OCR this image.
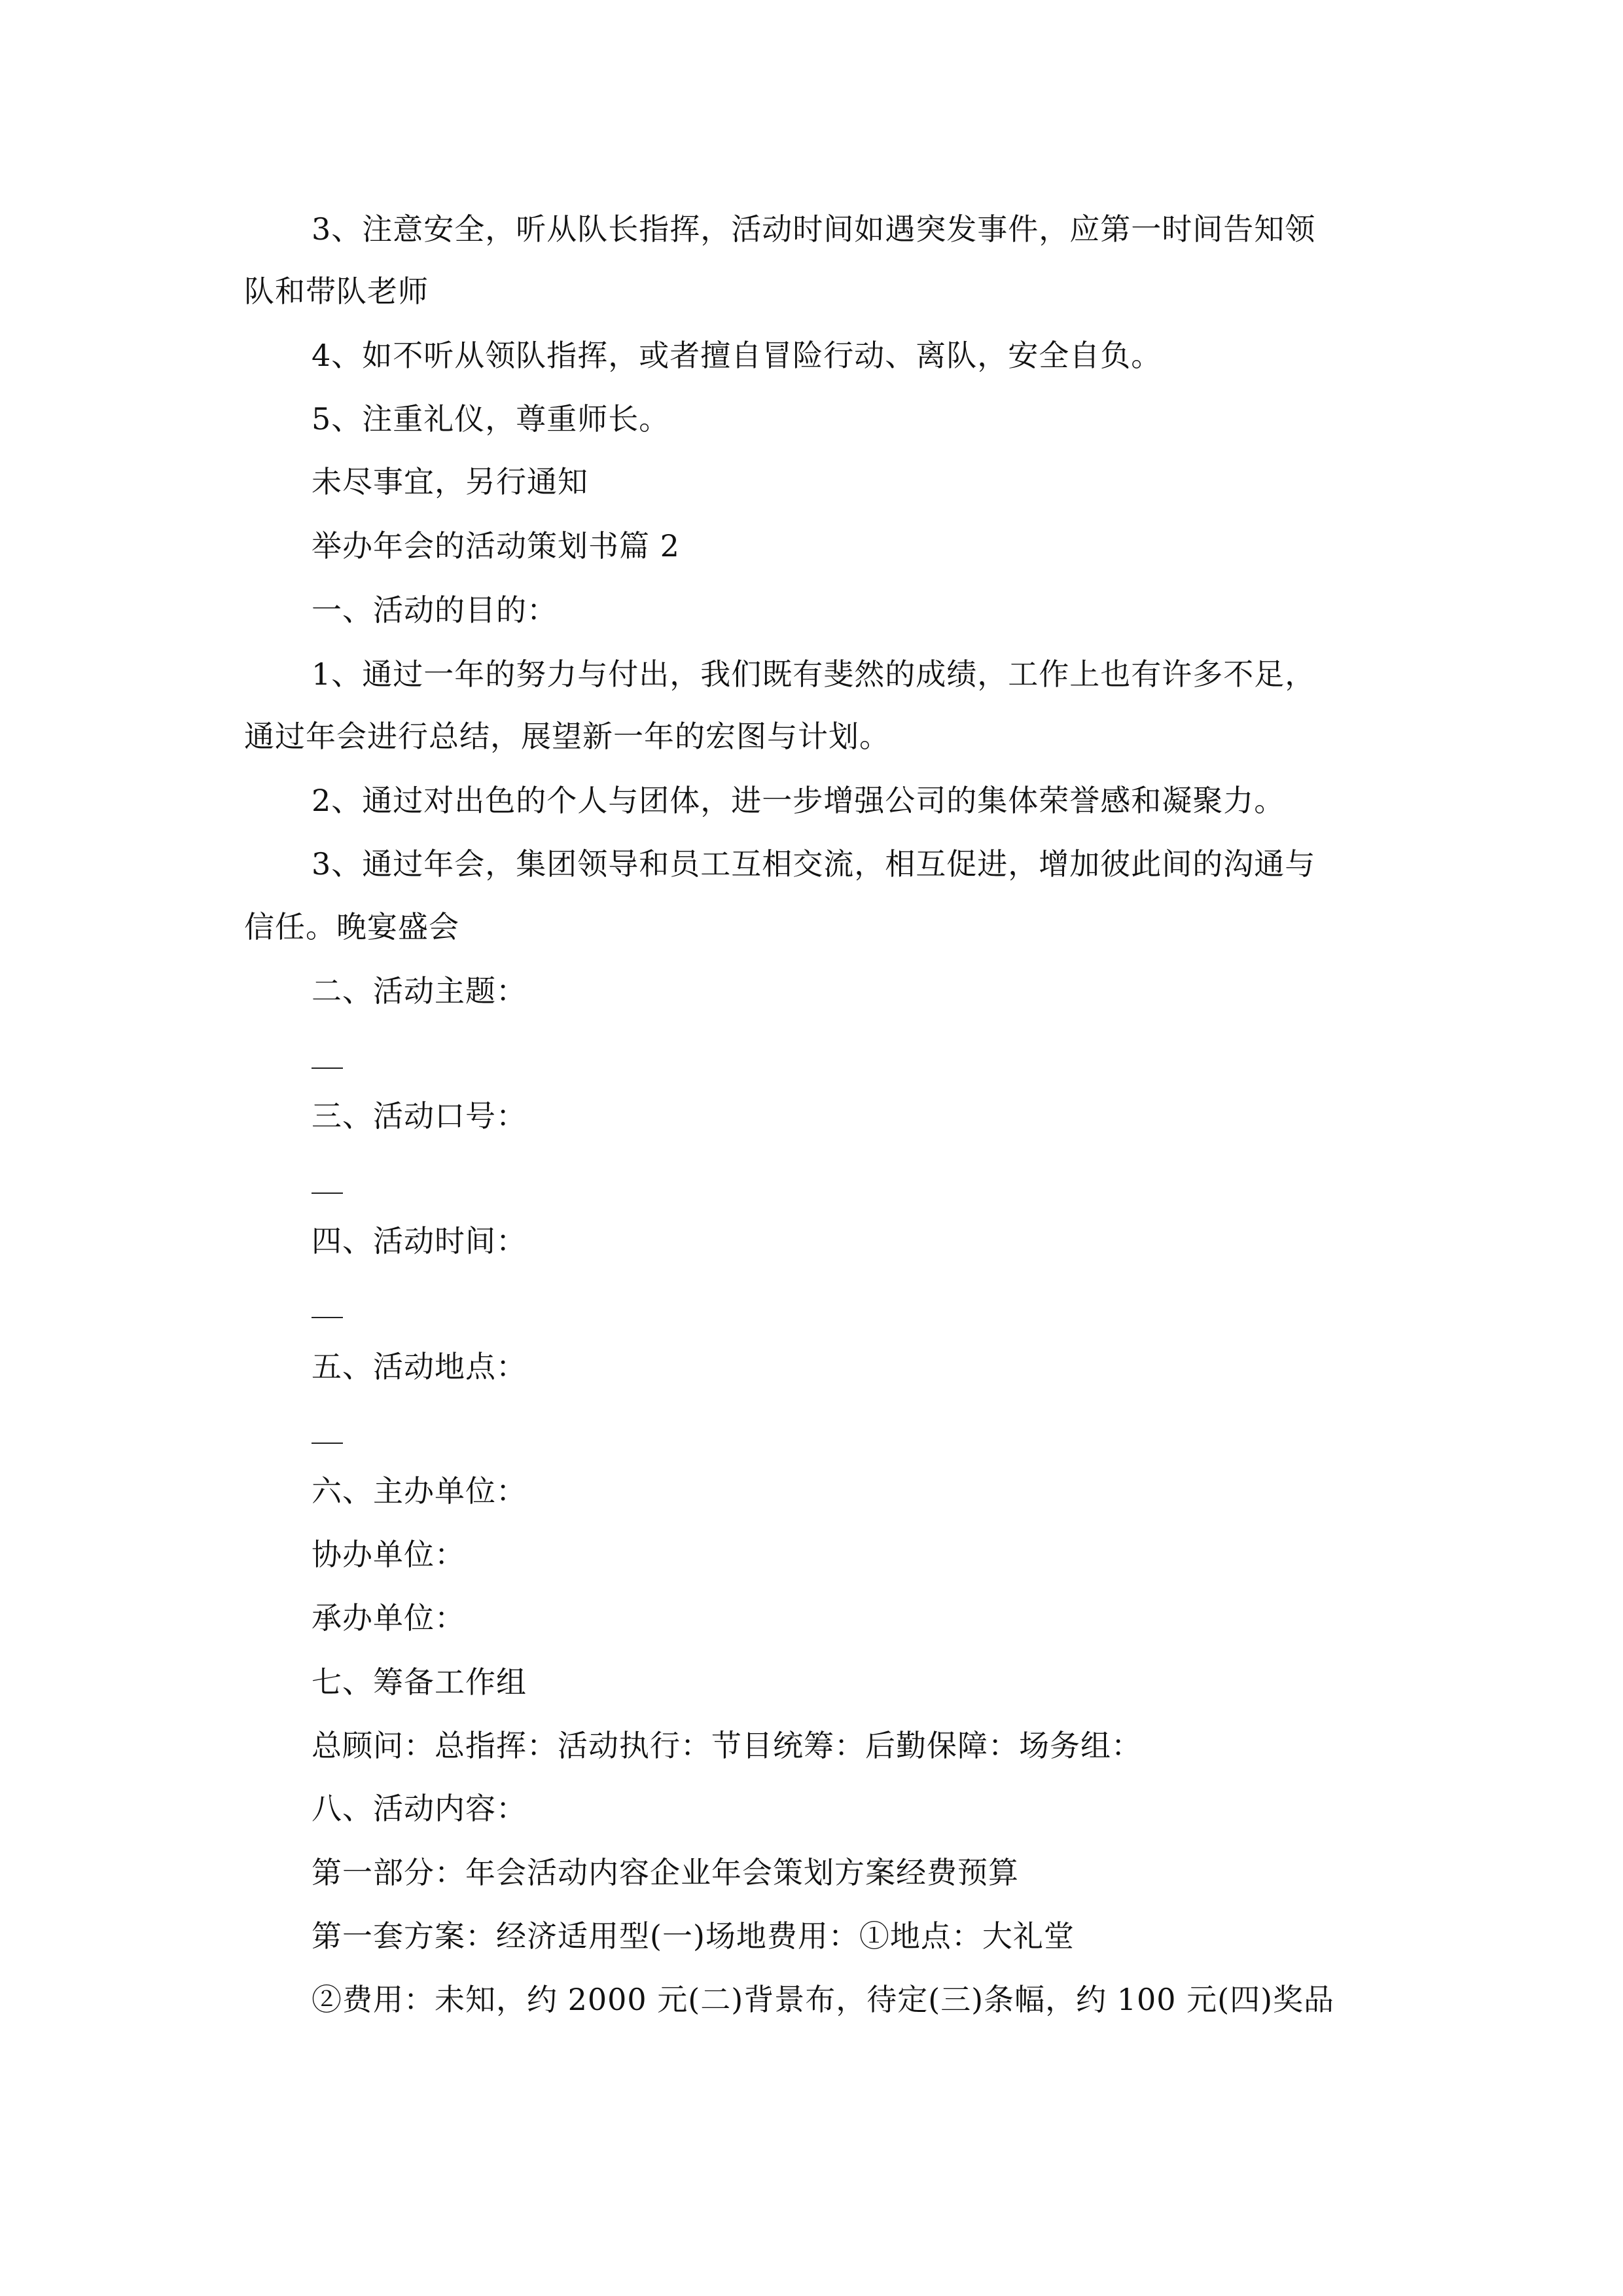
3、注意安全，听从队长指挥，活动时间如遇突发事件，应第一时间告知领
队和带队老师
4、如不听从领队指挥，或者擅自冒险行动、离队，安全自负。
5、注重礼仪，尊重师长。
未尽事宜，另行通知
举办年会的活动策划书篇 2
一、活动的目的：
1、通过一年的努力与付出，我们既有斐然的成绩，工作上也有许多不足，
通过年会进行总结，展望新一年的宏图与计划。
2、通过对出色的个人与团体，进一步增强公司的集体荣誉感和凝聚力。
3、通过年会，集团领导和员工互相交流，相互促进，增加彼此间的沟通与
信任。晚宴盛会
二、活动主题：
三、活动口号：
四、活动时间：
五、活动地点：
六、主办单位：
协办单位：
承办单位：
七、筹备工作组
总顾问：总指挥：活动执行：节目统筹：后勤保障：场务组：
八、活动内容：
第一部分：年会活动内容企业年会策划方案经费预算
第一套方案：经济适用型(一)场地费用：①地点：大礼堂
②费用：未知，约 2000 元(二)背景布，待定(三)条幅，约 100 元(四)奖品
